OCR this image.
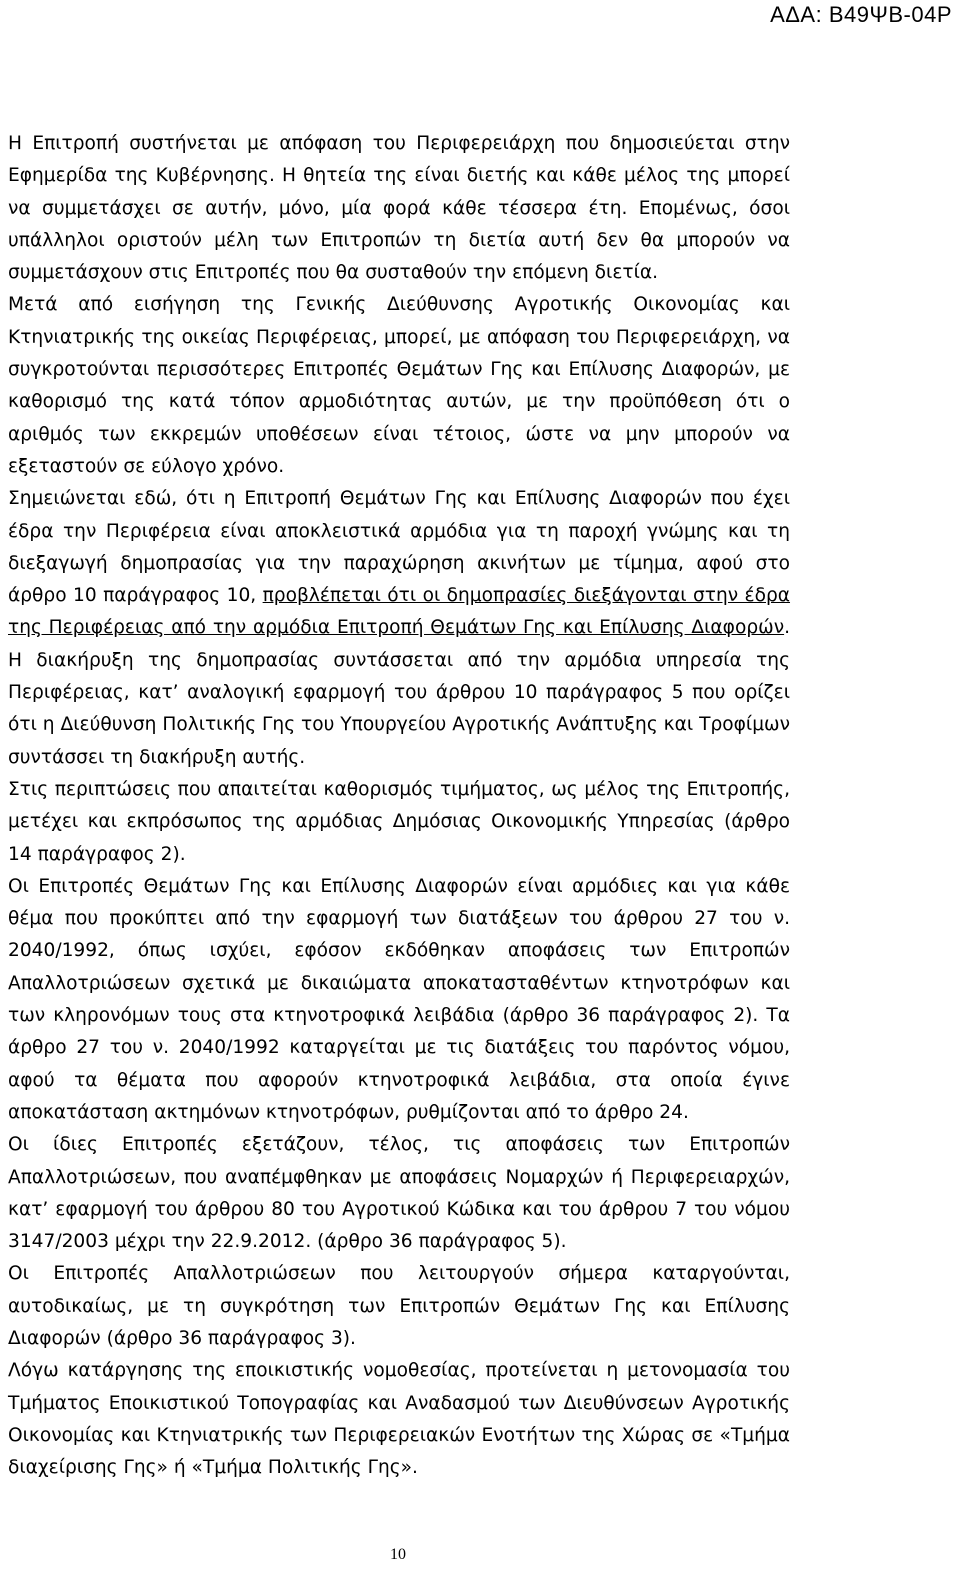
ΑΔΑ: Β49ΨΒ-04Ρ

Η Επιτροπή συστήνεται με απόφαση του Περιφερειάρχη που δημοσιεύεται στην Εφημερίδα της Κυβέρνησης. Η θητεία της είναι διετής και κάθε μέλος της μπορεί να συμμετάσχει σε αυτήν, μόνο, μία φορά κάθε τέσσερα έτη. Επομένως, όσοι υπάλληλοι οριστούν μέλη των Επιτροπών τη διετία αυτή δεν θα μπορούν να συμμετάσχουν στις Επιτροπές που θα συσταθούν την επόμενη διετία.

Μετά από εισήγηση της Γενικής Διεύθυνσης Αγροτικής Οικονομίας και Κτηνιατρικής της οικείας Περιφέρειας, μπορεί, με απόφαση του Περιφερειάρχη, να συγκροτούνται περισσότερες Επιτροπές Θεμάτων Γης και Επίλυσης Διαφορών, με καθορισμό της κατά τόπον αρμοδιότητας αυτών, με την προϋπόθεση ότι ο αριθμός των εκκρεμών υποθέσεων είναι τέτοιος, ώστε να μην μπορούν να εξεταστούν σε εύλογο χρόνο.

Σημειώνεται εδώ, ότι η Επιτροπή Θεμάτων Γης και Επίλυσης Διαφορών που έχει έδρα την Περιφέρεια είναι αποκλειστικά αρμόδια για τη παροχή γνώμης και τη διεξαγωγή δημοπρασίας για την παραχώρηση ακινήτων με τίμημα, αφού στο άρθρο 10 παράγραφος 10, προβλέπεται ότι οι δημοπρασίες διεξάγονται στην έδρα της Περιφέρειας από την αρμόδια Επιτροπή Θεμάτων Γης και Επίλυσης Διαφορών. Η διακήρυξη της δημοπρασίας συντάσσεται από την αρμόδια υπηρεσία της Περιφέρειας, κατ’ αναλογική εφαρμογή του άρθρου 10 παράγραφος 5 που ορίζει ότι η Διεύθυνση Πολιτικής Γης του Υπουργείου Αγροτικής Ανάπτυξης και Τροφίμων συντάσσει τη διακήρυξη αυτής.

Στις περιπτώσεις που απαιτείται καθορισμός τιμήματος, ως μέλος της Επιτροπής, μετέχει και εκπρόσωπος της αρμόδιας Δημόσιας Οικονομικής Υπηρεσίας (άρθρο 14 παράγραφος 2).

Οι Επιτροπές Θεμάτων Γης και Επίλυσης Διαφορών είναι αρμόδιες και για κάθε θέμα που προκύπτει από την εφαρμογή των διατάξεων του άρθρου 27 του ν. 2040/1992, όπως ισχύει, εφόσον εκδόθηκαν αποφάσεις των Επιτροπών Απαλλοτριώσεων σχετικά με δικαιώματα αποκατασταθέντων κτηνοτρόφων και των κληρονόμων τους στα κτηνοτροφικά λειβάδια (άρθρο 36 παράγραφος 2). Τα άρθρο 27 του ν. 2040/1992 καταργείται με τις διατάξεις του παρόντος νόμου, αφού τα θέματα που αφορούν κτηνοτροφικά λειβάδια, στα οποία έγινε αποκατάσταση ακτημόνων κτηνοτρόφων, ρυθμίζονται από το άρθρο 24.

Οι ίδιες Επιτροπές εξετάζουν, τέλος, τις αποφάσεις των Επιτροπών Απαλλοτριώσεων, που αναπέμφθηκαν με αποφάσεις Νομαρχών ή Περιφερειαρχών, κατ’ εφαρμογή του άρθρου 80 του Αγροτικού Κώδικα και του άρθρου 7 του νόμου 3147/2003 μέχρι την 22.9.2012. (άρθρο 36 παράγραφος 5).

Οι Επιτροπές Απαλλοτριώσεων που λειτουργούν σήμερα καταργούνται, αυτοδικαίως, με τη συγκρότηση των Επιτροπών Θεμάτων Γης και Επίλυσης Διαφορών (άρθρο 36 παράγραφος 3).

Λόγω κατάργησης της εποικιστικής νομοθεσίας, προτείνεται η μετονομασία του Τμήματος Εποικιστικού Τοπογραφίας και Αναδασμού των Διευθύνσεων Αγροτικής Οικονομίας και Κτηνιατρικής των Περιφερειακών Ενοτήτων της Χώρας σε «Τμήμα διαχείρισης Γης» ή «Τμήμα Πολιτικής Γης».

10
